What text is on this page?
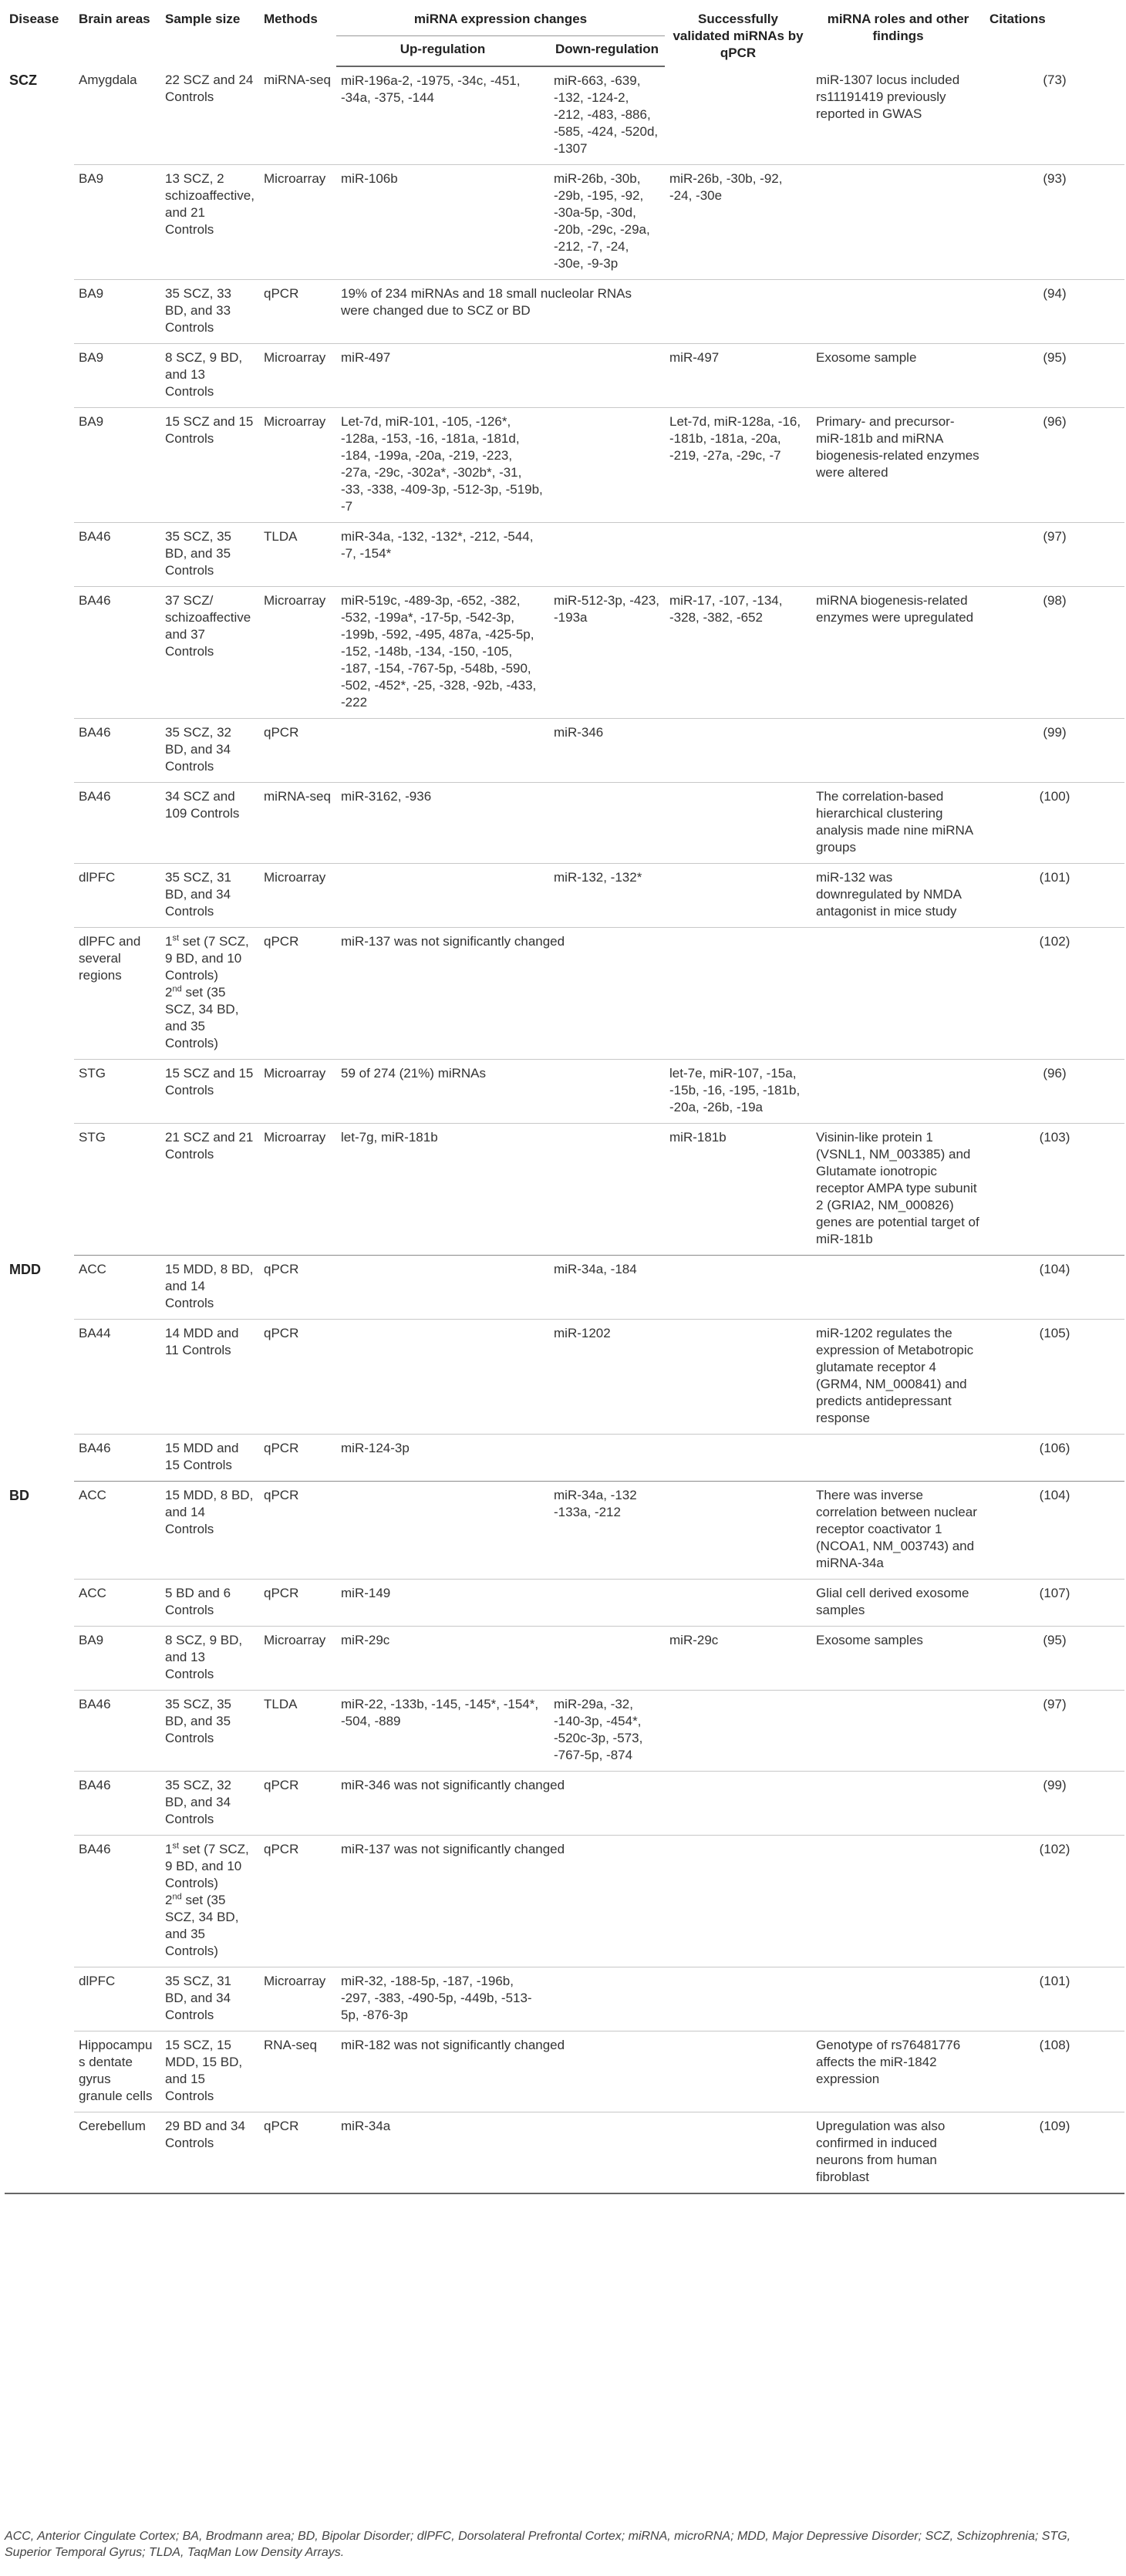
Disease	Brain areas	Sample size	Methods	miRNA expression changes		Successfully validated miRNAs by qPCR	miRNA roles and other findings	Citations
				Up-regulation	Down-regulation			
SCZ	Amygdala	22 SCZ and 24 Controls	miRNA-seq	miR-196a-2, -1975, -34c, -451, -34a, -375, -144	miR-663, -639, -132, -124-2, -212, -483, -886, -585, -424, -520d, -1307		miR-1307 locus included rs11191419 previously reported in GWAS	(73)
	BA9	13 SCZ, 2 schizoaffective, and 21 Controls	Microarray	miR-106b	miR-26b, -30b, -29b, -195, -92, -30a-5p, -30d, -20b, -29c, -29a, -212, -7, -24, -30e, -9-3p	miR-26b, -30b, -92, -24, -30e		(93)
	BA9	35 SCZ, 33 BD, and 33 Controls	qPCR	19% of 234 miRNAs and 18 small nucleolar RNAs were changed due to SCZ or BD				(94)
	BA9	8 SCZ, 9 BD, and 13 Controls	Microarray	miR-497		miR-497	Exosome sample	(95)
	BA9	15 SCZ and 15 Controls	Microarray	Let-7d, miR-101, -105, -126*, -128a, -153, -16, -181a, -181d, -184, -199a, -20a, -219, -223, -27a, -29c, -302a*, -302b*, -31, -33, -338, -409-3p, -512-3p, -519b, -7		Let-7d, miR-128a, -16, -181b, -181a, -20a, -219, -27a, -29c, -7	Primary- and precursor-miR-181b and miRNA biogenesis-related enzymes were altered	(96)
	BA46	35 SCZ, 35 BD, and 35 Controls	TLDA	miR-34a, -132, -132*, -212, -544, -7, -154*				(97)
	BA46	37 SCZ/ schizoaffective and 37 Controls	Microarray	miR-519c, -489-3p, -652, -382, -532, -199a*, -17-5p, -542-3p, -199b, -592, -495, 487a, -425-5p, -152, -148b, -134, -150, -105, -187, -154, -767-5p, -548b, -590, -502, -452*, -25, -328, -92b, -433, -222	miR-512-3p, -423, -193a	miR-17, -107, -134, -328, -382, -652	miRNA biogenesis-related enzymes were upregulated	(98)
	BA46	35 SCZ, 32 BD, and 34 Controls	qPCR		miR-346			(99)
	BA46	34 SCZ and 109 Controls	miRNA-seq	miR-3162, -936			The correlation-based hierarchical clustering analysis made nine miRNA groups	(100)
	dlPFC	35 SCZ, 31 BD, and 34 Controls	Microarray		miR-132, -132*		miR-132 was downregulated by NMDA antagonist in mice study	(101)
	dlPFC and several regions	1st set (7 SCZ, 9 BD, and 10 Controls)
2nd set (35 SCZ, 34 BD, and 35 Controls)	qPCR	miR-137 was not significantly changed				(102)
	STG	15 SCZ and 15 Controls	Microarray	59 of 274 (21%) miRNAs		let-7e, miR-107, -15a, -15b, -16, -195, -181b, -20a, -26b, -19a		(96)
	STG	21 SCZ and 21 Controls	Microarray	let-7g, miR-181b		miR-181b	Visinin-like protein 1 (VSNL1, NM_003385) and Glutamate ionotropic receptor AMPA type subunit 2 (GRIA2, NM_000826) genes are potential target of miR-181b	(103)
MDD	ACC	15 MDD, 8 BD, and 14 Controls	qPCR		miR-34a, -184			(104)
	BA44	14 MDD and 11 Controls	qPCR		miR-1202		miR-1202 regulates the expression of Metabotropic glutamate receptor 4 (GRM4, NM_000841) and predicts antidepressant response	(105)
	BA46	15 MDD and 15 Controls	qPCR	miR-124-3p				(106)
BD	ACC	15 MDD, 8 BD, and 14 Controls	qPCR		miR-34a, -132 -133a, -212		There was inverse correlation between nuclear receptor coactivator 1 (NCOA1, NM_003743) and miRNA-34a	(104)
	ACC	5 BD and 6 Controls	qPCR	miR-149			Glial cell derived exosome samples	(107)
	BA9	8 SCZ, 9 BD, and 13 Controls	Microarray	miR-29c		miR-29c	Exosome samples	(95)
	BA46	35 SCZ, 35 BD, and 35 Controls	TLDA	miR-22, -133b, -145, -145*, -154*, -504, -889	miR-29a, -32, -140-3p, -454*, -520c-3p, -573, -767-5p, -874			(97)
	BA46	35 SCZ, 32 BD, and 34 Controls	qPCR	miR-346 was not significantly changed				(99)
	BA46	1st set (7 SCZ, 9 BD, and 10 Controls)
2nd set (35 SCZ, 34 BD, and 35 Controls)	qPCR	miR-137 was not significantly changed				(102)
	dlPFC	35 SCZ, 31 BD, and 34 Controls	Microarray	miR-32, -188-5p, -187, -196b, -297, -383, -490-5p, -449b, -513-5p, -876-3p				(101)
	Hippocampus dentate gyrus granule cells	15 SCZ, 15 MDD, 15 BD, and 15 Controls	RNA-seq	miR-182 was not significantly changed			Genotype of rs76481776 affects the miR-1842 expression	(108)
	Cerebellum	29 BD and 34 Controls	qPCR	miR-34a			Upregulation was also confirmed in induced neurons from human fibroblast	(109)
ACC, Anterior Cingulate Cortex; BA, Brodmann area; BD, Bipolar Disorder; dlPFC, Dorsolateral Prefrontal Cortex; miRNA, microRNA; MDD, Major Depressive Disorder; SCZ, Schizophrenia; STG, Superior Temporal Gyrus; TLDA, TaqMan Low Density Arrays.
